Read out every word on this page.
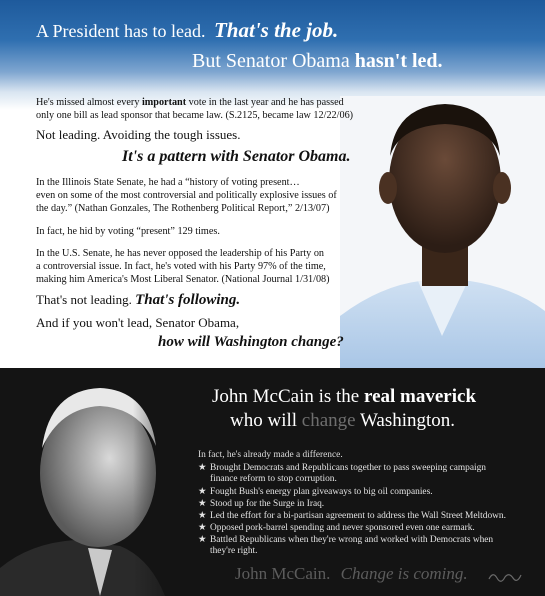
A President has to lead. That's the job.
But Senator Obama hasn't led.
He's missed almost every important vote in the last year and he has passed
only one bill as lead sponsor that became law. (S.2125, became law 12/22/06)
Not leading. Avoiding the tough issues.
It's a pattern with Senator Obama.
In the Illinois State Senate, he had a “history of voting present…
even on some of the most controversial and politically explosive issues of
the day.” (Nathan Gonzales, The Rothenberg Political Report,” 2/13/07)
In fact, he hid by voting “present” 129 times.
In the U.S. Senate, he has never opposed the leadership of his Party on
a controversial issue. In fact, he's voted with his Party 97% of the time,
making him America's Most Liberal Senator. (National Journal 1/31/08)
That's not leading. That's following.
And if you won't lead, Senator Obama,
how will Washington change?
John McCain is the real maverick
who will change Washington.
In fact, he's already made a difference.
★ Brought Democrats and Republicans together to pass sweeping campaign
finance reform to stop corruption.
★ Fought Bush's energy plan giveaways to big oil companies.
★ Stood up for the Surge in Iraq.
★ Led the effort for a bi-partisan agreement to address the Wall Street Meltdown.
★ Opposed pork-barrel spending and never sponsored even one earmark.
★ Battled Republicans when they're wrong and worked with Democrats when
they're right.
John McCain. Change is coming.
